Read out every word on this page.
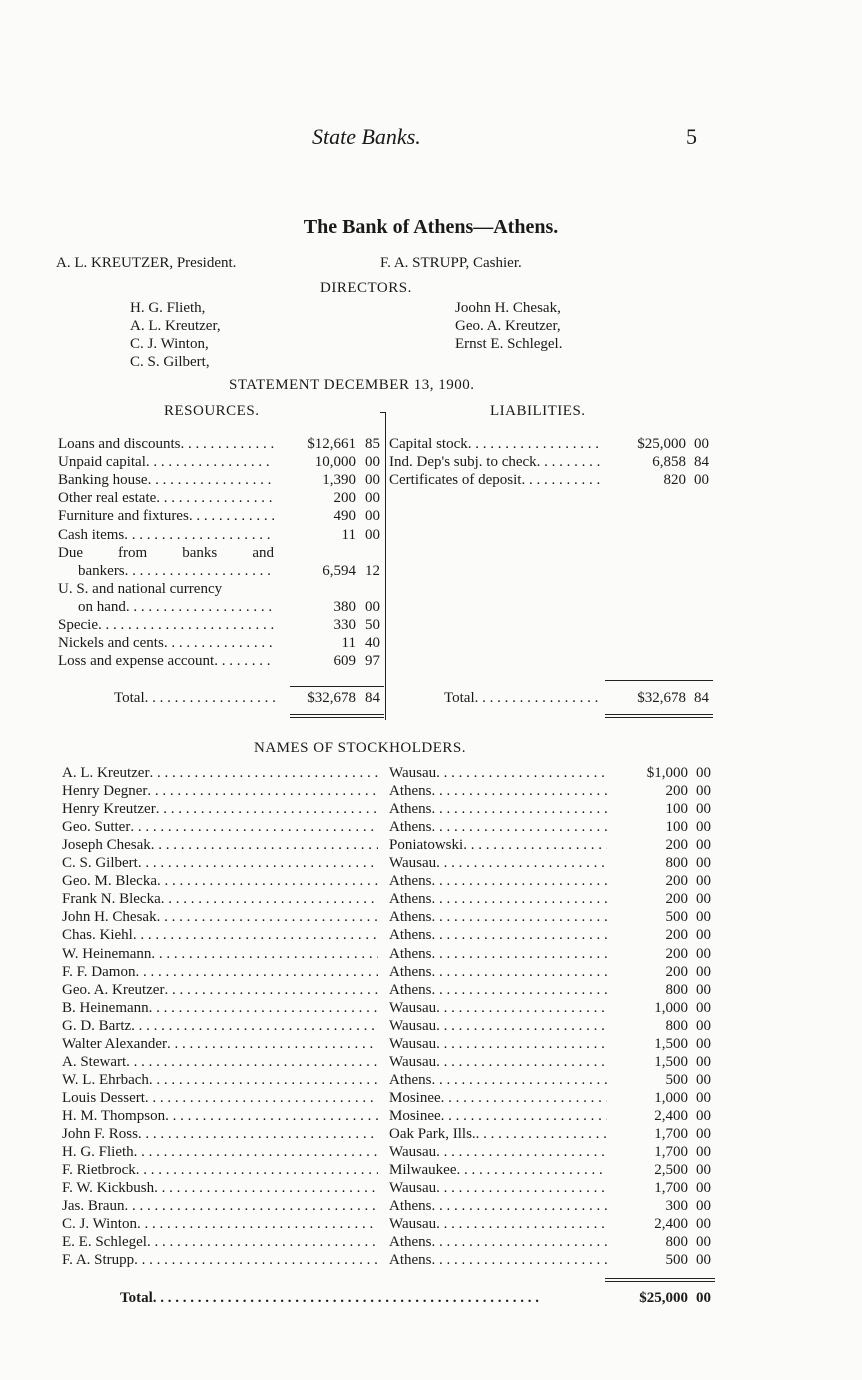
State Banks.	5
The Bank of Athens—Athens.
A. L. KREUTZER, President.	F. A. STRUPP, Cashier.
DIRECTORS.
H. G. Flieth,
A. L. Kreutzer,
C. J. Winton,
C. S. Gilbert,
Joohn H. Chesak,
Geo. A. Kreutzer,
Ernst E. Schlegel.
STATEMENT DECEMBER 13, 1900.
RESOURCES.	LIABILITIES.
Loans and discounts . . .	$12,661 85
Unpaid capital . . .	10,000 00
Banking house . . .	1,390 00
Other real estate . . .	200 00
Furniture and fixtures . . .	490 00
Cash items . . .	11 00
Due from banks and
bankers . . .	6,594 12
U. S. and national currency
on hand . . .	380 00
Specie . . .	330 50
Nickels and cents . . .	11 40
Loss and expense account . . .	609 97
Capital stock . . .	$25,000 00
Ind. Dep's subj. to check . . .	6,858 84
Certificates of deposit . . .	820 00
Total . . .	$32,678 84	Total . . .	$32,678 84
NAMES OF STOCKHOLDERS.
A. L. Kreutzer . . .	Wausau . . .	$1,000 00
Henry Degner . . .	Athens . . .	200 00
Henry Kreutzer . . .	Athens . . .	100 00
Geo. Sutter . . .	Athens . . .	100 00
Joseph Chesak . . .	Poniatowski . . .	200 00
C. S. Gilbert . . .	Wausau . . .	800 00
Geo. M. Blecka . . .	Athens . . .	200 00
Frank N. Blecka . . .	Athens . . .	200 00
John H. Chesak . . .	Athens . . .	500 00
Chas. Kiehl . . .	Athens . . .	200 00
W. Heinemann . . .	Athens . . .	200 00
F. F. Damon . . .	Athens . . .	200 00
Geo. A. Kreutzer . . .	Athens . . .	800 00
B. Heinemann . . .	Wausau . . .	1,000 00
G. D. Bartz . . .	Wausau . . .	800 00
Walter Alexander . . .	Wausau . . .	1,500 00
A. Stewart . . .	Wausau . . .	1,500 00
W. L. Ehrbach . . .	Athens . . .	500 00
Louis Dessert . . .	Mosinee . . .	1,000 00
H. M. Thompson . . .	Mosinee . . .	2,400 00
John F. Ross . . .	Oak Park, Ills. . . .	1,700 00
H. G. Flieth . . .	Wausau . . .	1,700 00
F. Rietbrock . . .	Milwaukee . . .	2,500 00
F. W. Kickbush . . .	Wausau . . .	1,700 00
Jas. Braun . . .	Athens . . .	300 00
C. J. Winton . . .	Wausau . . .	2,400 00
E. E. Schlegel . . .	Athens . . .	800 00
F. A. Strupp . . .	Athens . . .	500 00
Total . . .	$25,000 00
